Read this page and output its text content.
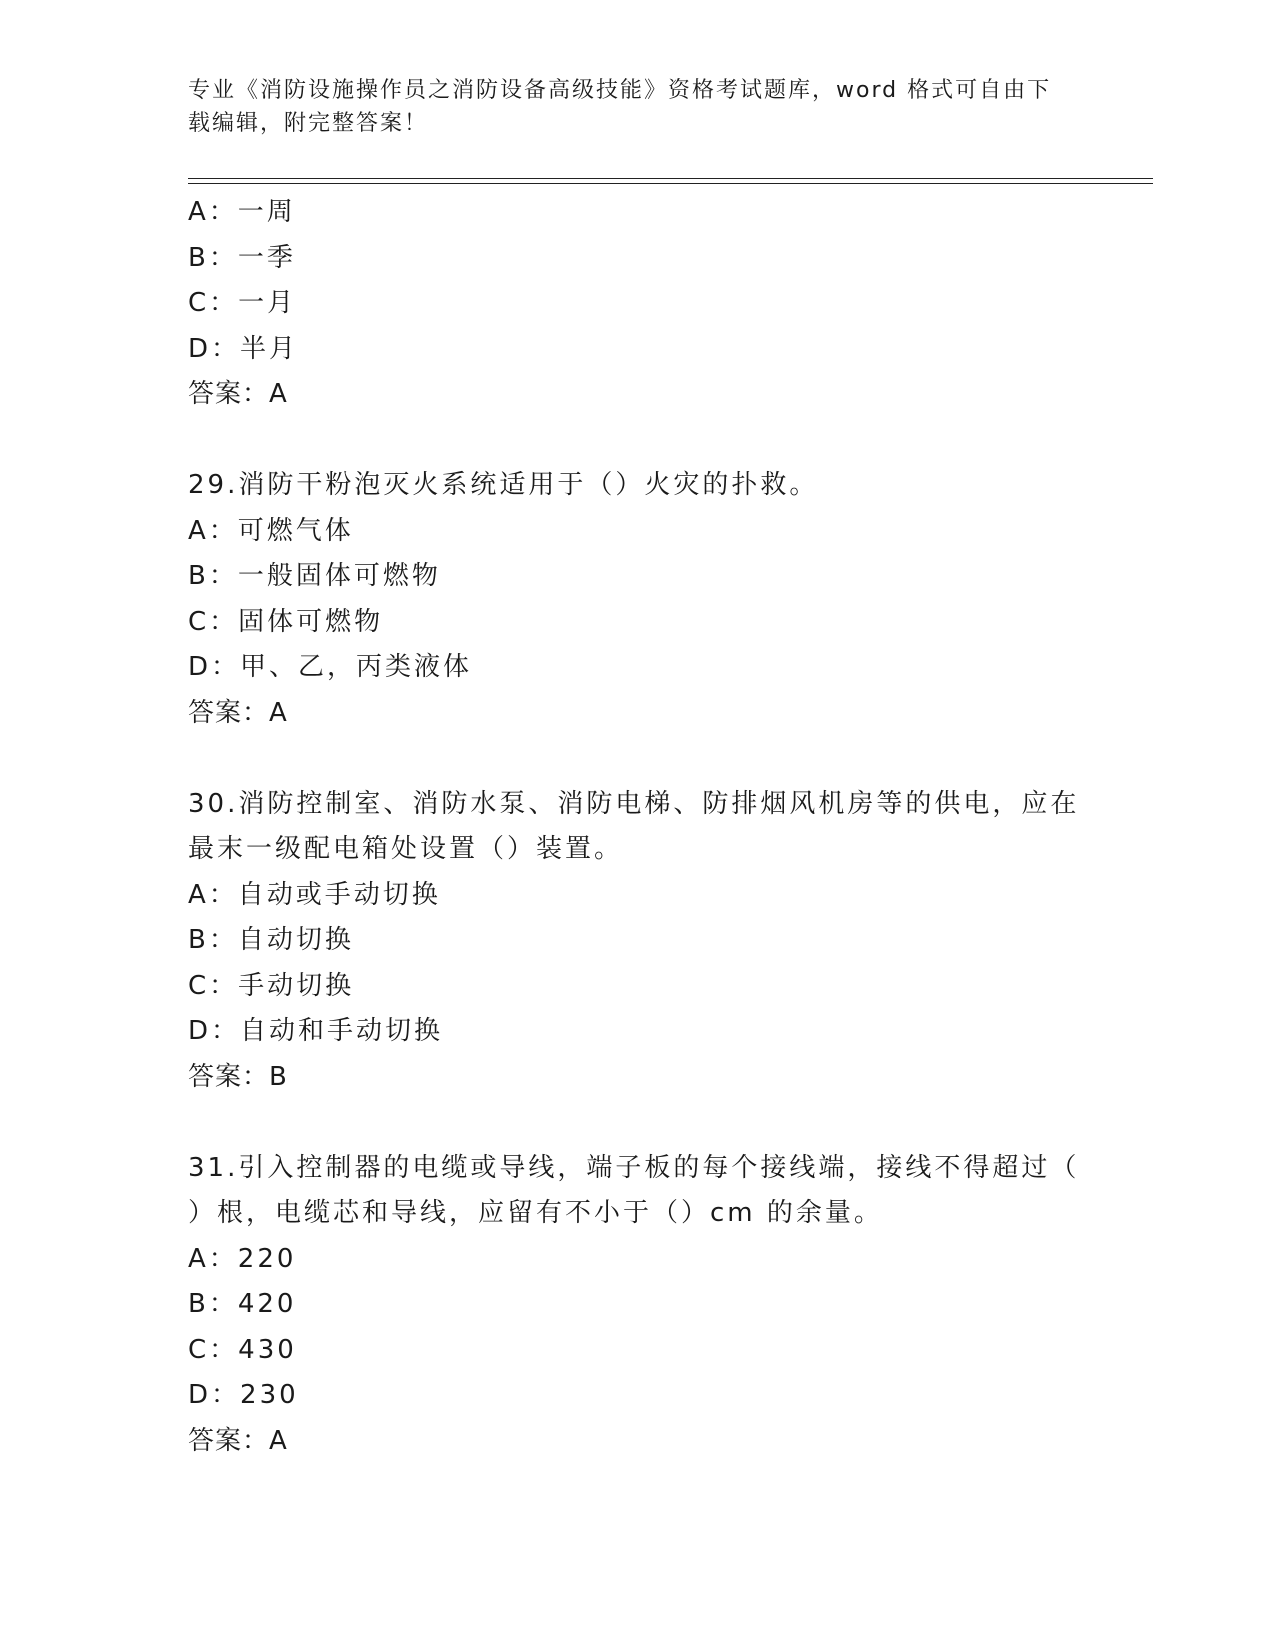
专业《消防设施操作员之消防设备高级技能》资格考试题库，word 格式可自由下
载编辑，附完整答案！
A：一周
B：一季
C：一月
D：半月
答案：A
29.消防干粉泡灭火系统适用于（）火灾的扑救。
A：可燃气体
B：一般固体可燃物
C：固体可燃物
D：甲、乙，丙类液体
答案：A
30.消防控制室、消防水泵、消防电梯、防排烟风机房等的供电，应在
最末一级配电箱处设置（）装置。
A：自动或手动切换
B：自动切换
C：手动切换
D：自动和手动切换
答案：B
31.引入控制器的电缆或导线，端子板的每个接线端，接线不得超过（
）根，电缆芯和导线，应留有不小于（）cm 的余量。
A：220
B：420
C：430
D：230
答案：A
